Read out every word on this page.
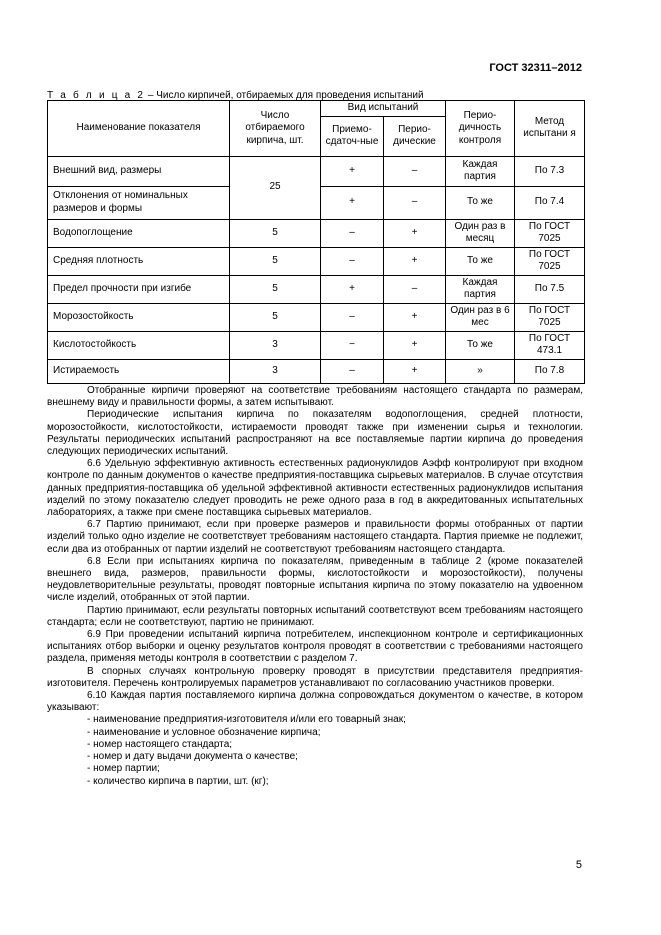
ГОСТ 32311–2012
Т а б л и ц а 2 – Число кирпичей, отбираемых для проведения испытаний
Наименование показателя	Число отбираемого кирпича, шт.	Вид испытаний		Перио-дичность контроля	Метод испытани я
		Приемо-сдаточ-ные	Перио-дические		
Внешний вид, размеры	25	+	–	Каждая партия	По 7.3
Отклонения от номинальных размеров и формы		+	–	То же	По 7.4
Водопоглощение	5	–	+	Один раз в месяц	По ГОСТ 7025
Средняя плотность	5	–	+	То же	По ГОСТ 7025
Предел прочности при изгибе	5	+	–	Каждая партия	По 7.5
Морозостойкость	5	–	+	Один раз в 6 мес	По ГОСТ 7025
Кислотостойкость	3	−	+	То же	По ГОСТ 473.1
Истираемость	3	–	+	»	По 7.8

Отобранные кирпичи проверяют на соответствие требованиям настоящего стандарта по размерам, внешнему виду и правильности формы, а затем испытывают.

Периодические испытания кирпича по показателям водопоглощения, средней плотности, морозостойкости, кислотостойкости, истираемости проводят также при изменении сырья и технологии. Результаты периодических испытаний распространяют на все поставляемые партии кирпича до проведения следующих периодических испытаний.

6.6 Удельную эффективную активность естественных радионуклидов Аэфф контролируют при входном контроле по данным документов о качестве предприятия-поставщика сырьевых материалов. В случае отсутствия данных предприятия-поставщика об удельной эффективной активности естественных радионуклидов испытания изделий по этому показателю следует проводить не реже одного раза в год в аккредитованных испытательных лабораториях, а также при смене поставщика сырьевых материалов.

6.7 Партию принимают, если при проверке размеров и правильности формы отобранных от партии изделий только одно изделие не соответствует требованиям настоящего стандарта. Партия приемке не подлежит, если два из отобранных от партии изделий не соответствуют требованиям настоящего стандарта.

6.8 Если при испытаниях кирпича по показателям, приведенным в таблице 2 (кроме показателей внешнего вида, размеров, правильности формы, кислотостойкости и морозостойкости), получены неудовлетворительные результаты, проводят повторные испытания кирпича по этому показателю на удвоенном числе изделий, отобранных от этой партии.

Партию принимают, если результаты повторных испытаний соответствуют всем требованиям настоящего стандарта; если не соответствуют, партию не принимают.

6.9 При проведении испытаний кирпича потребителем, инспекционном контроле и сертификационных испытаниях отбор выборки и оценку результатов контроля проводят в соответствии с требованиями настоящего раздела, применяя методы контроля в соответствии с разделом 7.

В спорных случаях контрольную проверку проводят в присутствии представителя предприятия-изготовителя. Перечень контролируемых параметров устанавливают по согласованию участников проверки.

6.10 Каждая партия поставляемого кирпича должна сопровождаться документом о качестве, в котором указывают:

- наименование предприятия-изготовителя и/или его товарный знак;

- наименование и условное обозначение кирпича;

- номер настоящего стандарта;

- номер и дату выдачи документа о качестве;

- номер партии;

- количество кирпича в партии, шт. (кг);

5
